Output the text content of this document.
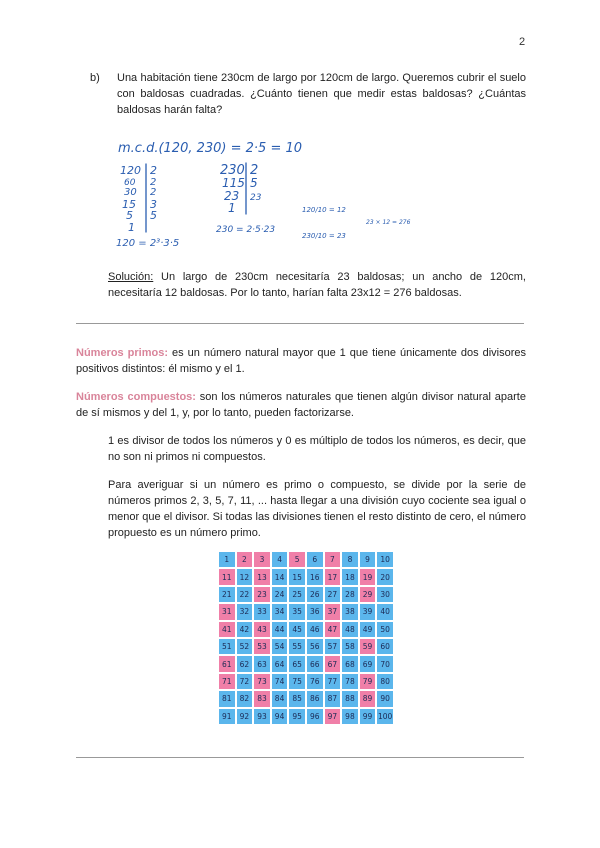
2
b) Una habitación tiene 230cm de largo por 120cm de largo. Queremos cubrir el suelo con baldosas cuadradas. ¿Cuánto tienen que medir estas baldosas? ¿Cuántas baldosas harán falta?
m.c.d.(120, 230) = 2·5 = 10
120
60
30
15
5
1
2
2
2
3
5
120 = 2³·3·5
230
115
23
1
2
5
23
230 = 2·5·23
120/10 = 12
230/10 = 23
23 × 12 = 276
Solución: Un largo de 230cm necesitaría 23 baldosas; un ancho de 120cm, necesitaría 12 baldosas. Por lo tanto, harían falta 23x12 = 276 baldosas.
Números primos: es un número natural mayor que 1 que tiene únicamente dos divisores positivos distintos: él mismo y el 1.
Números compuestos: son los números naturales que tienen algún divisor natural aparte de sí mismos y del 1, y, por lo tanto, pueden factorizarse.
1 es divisor de todos los números y 0 es múltiplo de todos los números, es decir, que no son ni primos ni compuestos.
Para averiguar si un número es primo o compuesto, se divide por la serie de números primos 2, 3, 5, 7, 11, ... hasta llegar a una división cuyo cociente sea igual o menor que el divisor. Si todas las divisiones tienen el resto distinto de cero, el número propuesto es un número primo.
1	2	3	4	5	6	7	8	9	10
11	12	13	14	15	16	17	18	19	20
21	22	23	24	25	26	27	28	29	30
31	32	33	34	35	36	37	38	39	40
41	42	43	44	45	46	47	48	49	50
51	52	53	54	55	56	57	58	59	60
61	62	63	64	65	66	67	68	69	70
71	72	73	74	75	76	77	78	79	80
81	82	83	84	85	86	87	88	89	90
91	92	93	94	95	96	97	98	99 100
